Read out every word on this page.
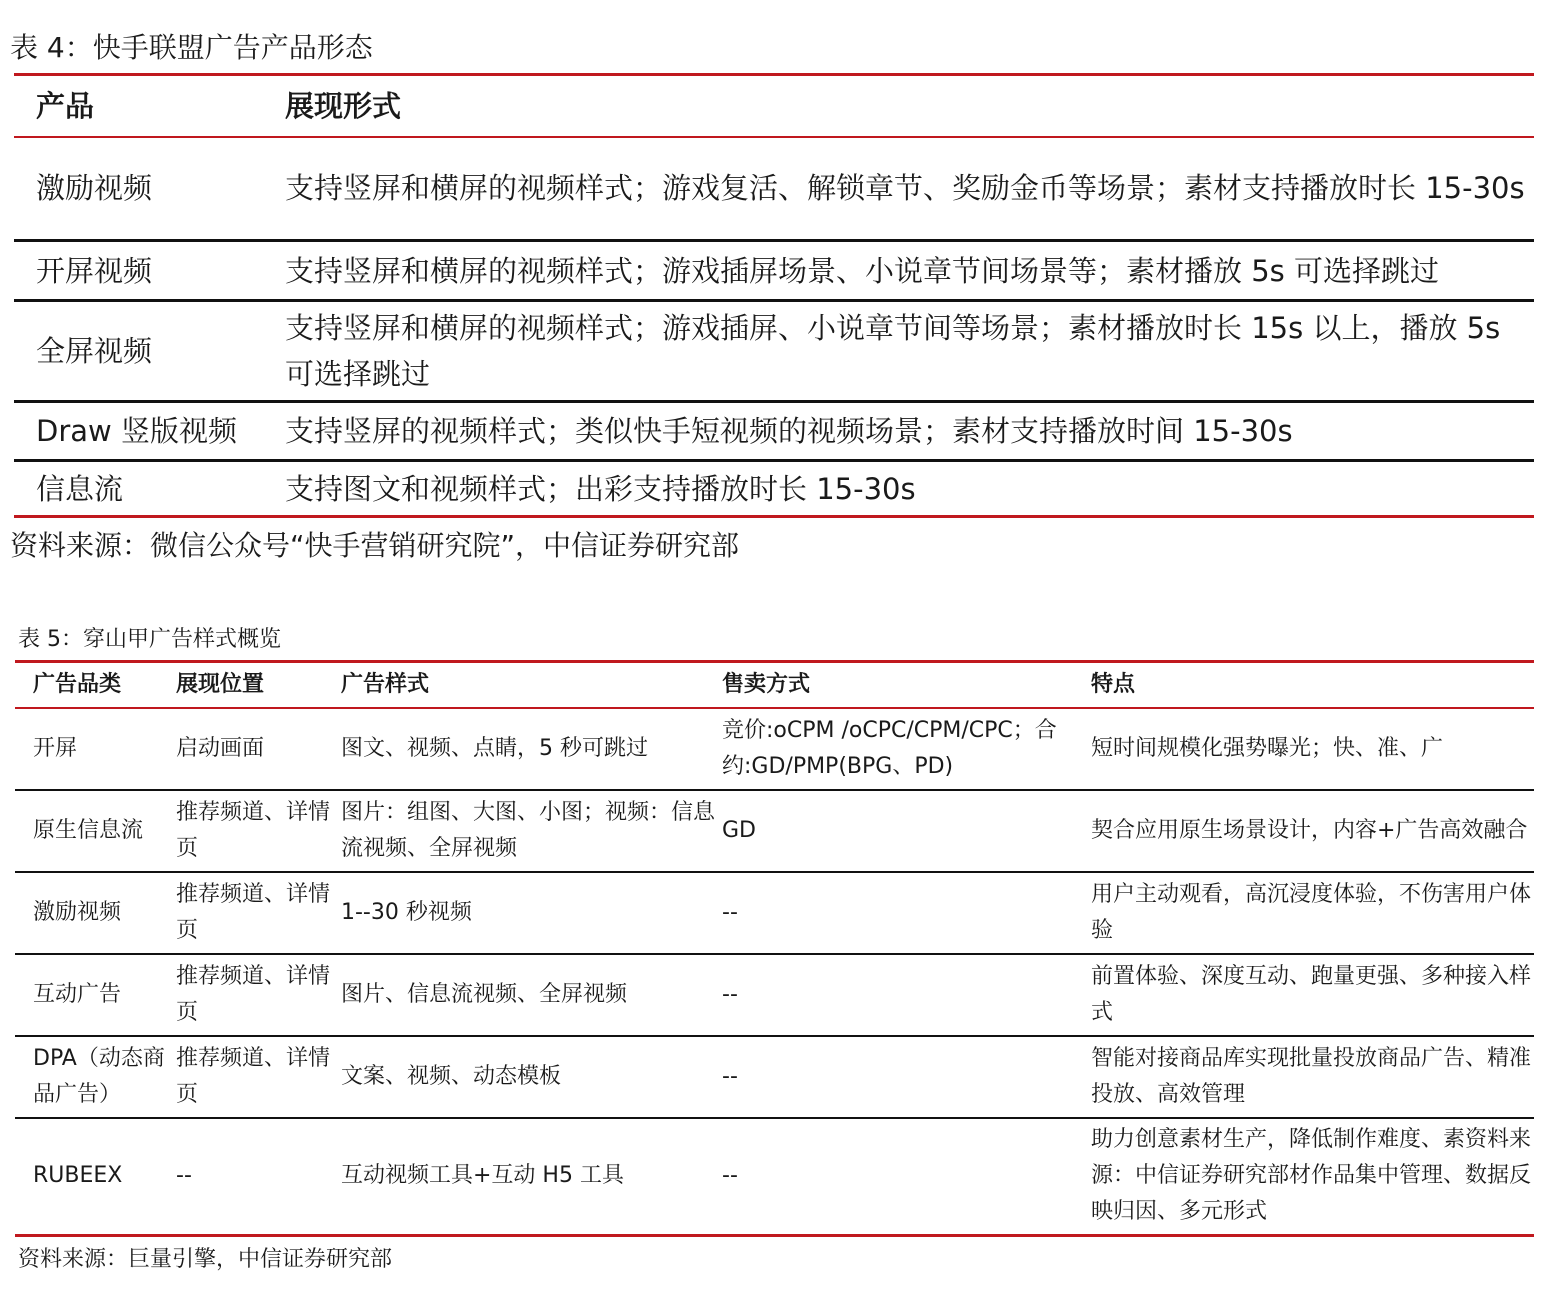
表 4：快手联盟广告产品形态
产品	展现形式
激励视频	支持竖屏和横屏的视频样式；游戏复活、解锁章节、奖励金币等场景；素材支持播放时长 15-30s
开屏视频	支持竖屏和横屏的视频样式；游戏插屏场景、小说章节间场景等；素材播放 5s 可选择跳过
全屏视频	支持竖屏和横屏的视频样式；游戏插屏、小说章节间等场景；素材播放时长 15s 以上，播放 5s 可选择跳过
Draw 竖版视频	支持竖屏的视频样式；类似快手短视频的视频场景；素材支持播放时间 15-30s
信息流	支持图文和视频样式；出彩支持播放时长 15-30s
资料来源：微信公众号“快手营销研究院”，中信证券研究部
表 5：穿山甲广告样式概览
广告品类	展现位置	广告样式	售卖方式	特点
开屏	启动画面	图文、视频、点睛，5 秒可跳过	竞价:oCPM /oCPC/CPM/CPC；合约:GD/PMP(BPG、PD)	短时间规模化强势曝光；快、准、广
原生信息流	推荐频道、详情页	图片：组图、大图、小图；视频：信息流视频、全屏视频	GD	契合应用原生场景设计，内容+广告高效融合
激励视频	推荐频道、详情页	1--30 秒视频	--	用户主动观看，高沉浸度体验，不伤害用户体验
互动广告	推荐频道、详情页	图片、信息流视频、全屏视频	--	前置体验、深度互动、跑量更强、多种接入样式
DPA（动态商品广告）	推荐频道、详情页	文案、视频、动态模板	--	智能对接商品库实现批量投放商品广告、精准投放、高效管理
RUBEEX	--	互动视频工具+互动 H5 工具	--	助力创意素材生产，降低制作难度、素资料来源：中信证券研究部材作品集中管理、数据反映归因、多元形式
资料来源：巨量引擎，中信证券研究部
